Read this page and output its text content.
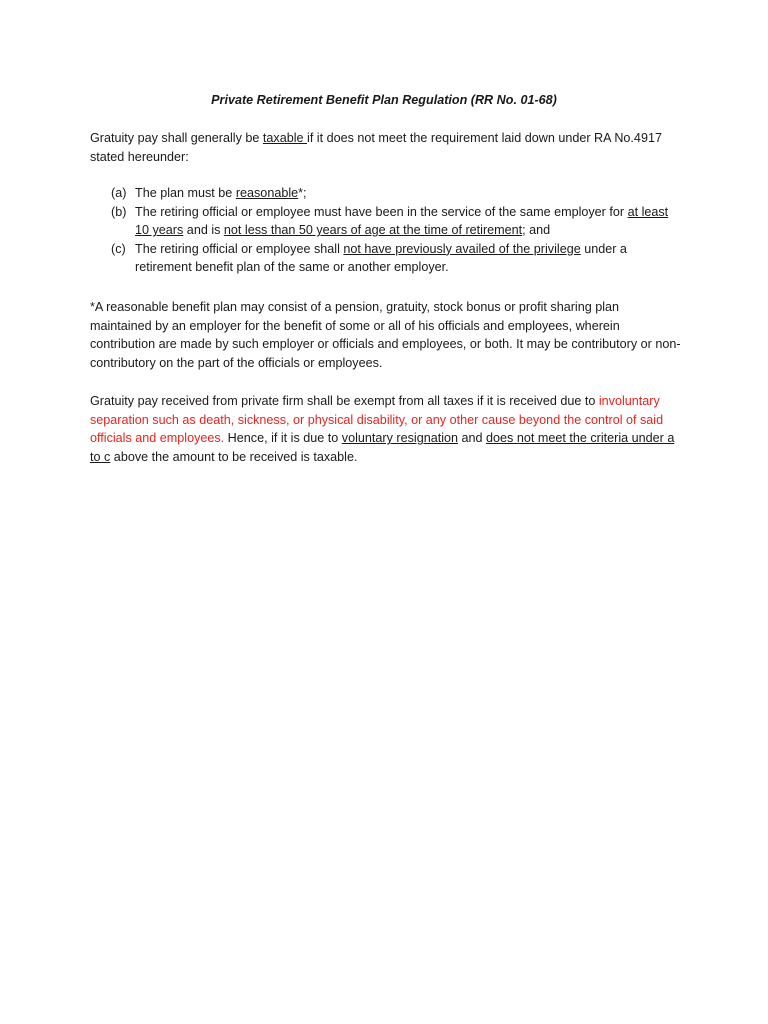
Private Retirement Benefit Plan Regulation (RR No. 01-68)

Gratuity pay shall generally be taxable if it does not meet the requirement laid down under RA No.4917 stated hereunder:

(a) The plan must be reasonable*;
(b) The retiring official or employee must have been in the service of the same employer for at least 10 years and is not less than 50 years of age at the time of retirement; and
(c) The retiring official or employee shall not have previously availed of the privilege under a retirement benefit plan of the same or another employer.

*A reasonable benefit plan may consist of a pension, gratuity, stock bonus or profit sharing plan maintained by an employer for the benefit of some or all of his officials and employees, wherein contribution are made by such employer or officials and employees, or both. It may be contributory or non-contributory on the part of the officials or employees.

Gratuity pay received from private firm shall be exempt from all taxes if it is received due to involuntary separation such as death, sickness, or physical disability, or any other cause beyond the control of said officials and employees. Hence, if it is due to voluntary resignation and does not meet the criteria under a to c above the amount to be received is taxable.
